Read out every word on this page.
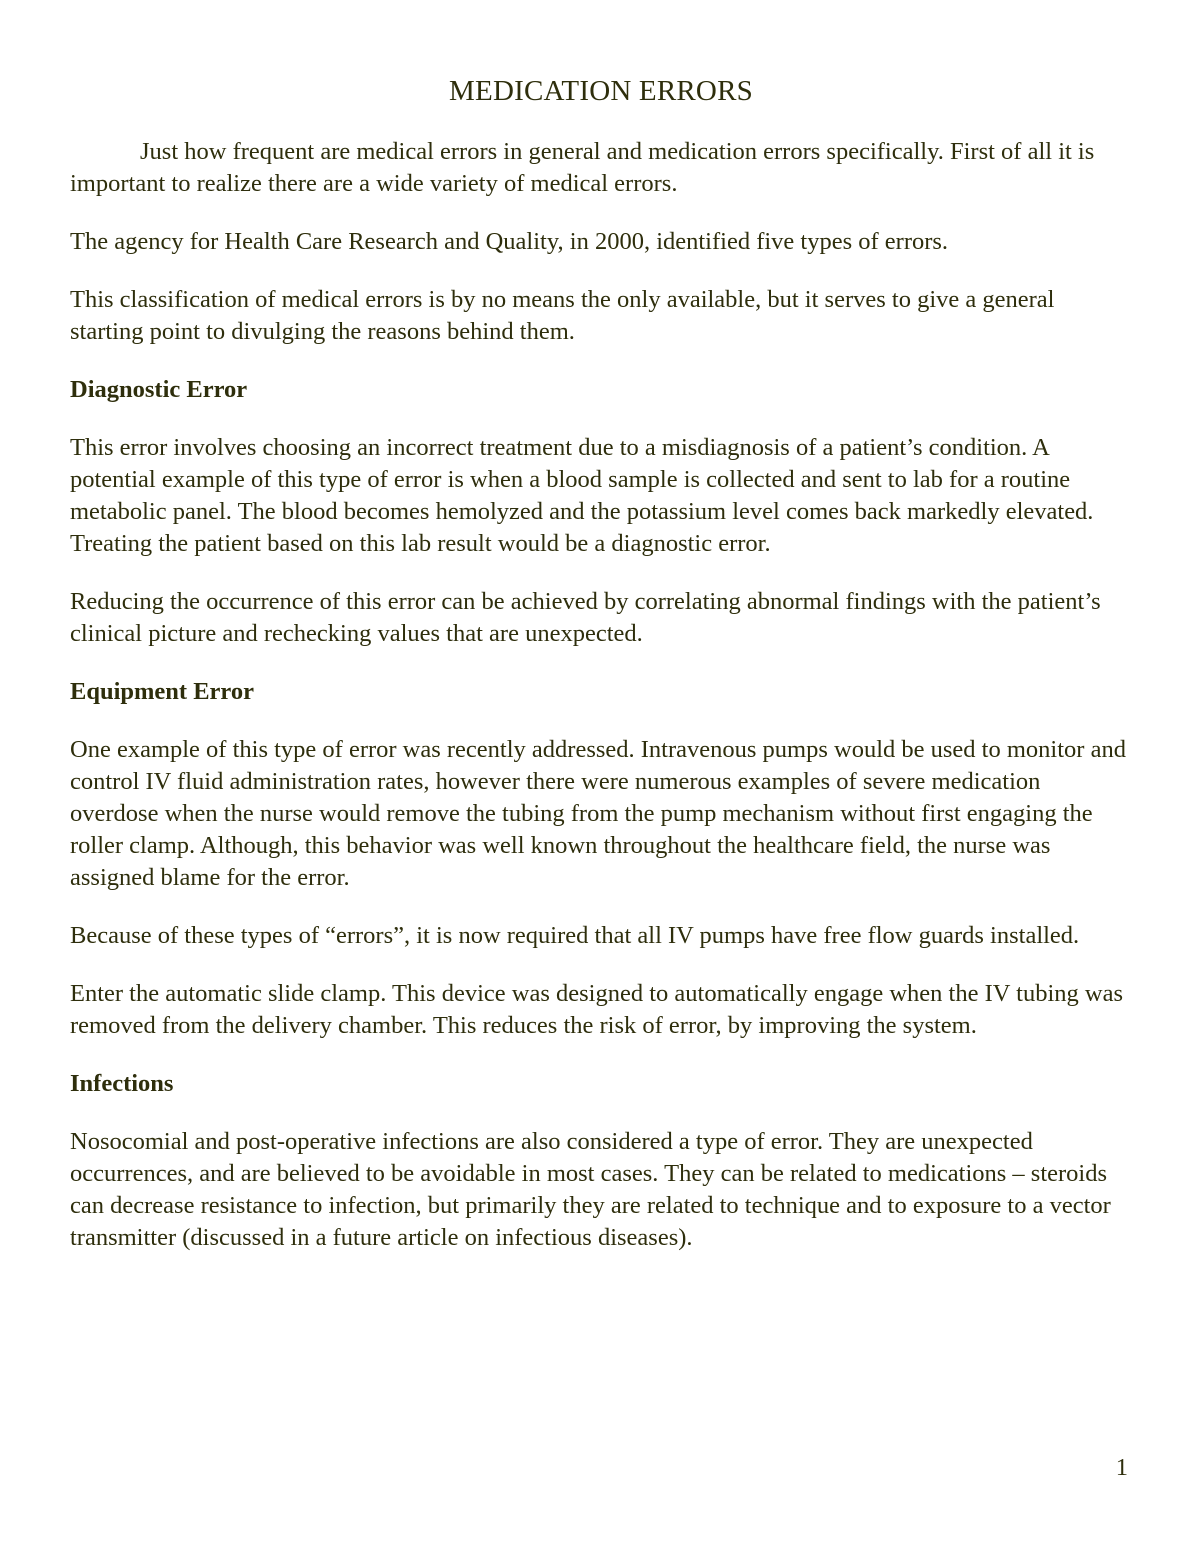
MEDICATION ERRORS

Just how frequent are medical errors in general and medication errors specifically. First of all it is important to realize there are a wide variety of medical errors.

The agency for Health Care Research and Quality, in 2000, identified five types of errors.

This classification of medical errors is by no means the only available, but it serves to give a general starting point to divulging the reasons behind them.

Diagnostic Error

This error involves choosing an incorrect treatment due to a misdiagnosis of a patient’s condition. A potential example of this type of error is when a blood sample is collected and sent to lab for a routine metabolic panel. The blood becomes hemolyzed and the potassium level comes back markedly elevated. Treating the patient based on this lab result would be a diagnostic error.

Reducing the occurrence of this error can be achieved by correlating abnormal findings with the patient’s clinical picture and rechecking values that are unexpected.

Equipment Error

One example of this type of error was recently addressed. Intravenous pumps would be used to monitor and control IV fluid administration rates, however there were numerous examples of severe medication overdose when the nurse would remove the tubing from the pump mechanism without first engaging the roller clamp. Although, this behavior was well known throughout the healthcare field, the nurse was assigned blame for the error.

Because of these types of “errors”, it is now required that all IV pumps have free flow guards installed.

Enter the automatic slide clamp. This device was designed to automatically engage when the IV tubing was removed from the delivery chamber. This reduces the risk of error, by improving the system.

Infections

Nosocomial and post-operative infections are also considered a type of error. They are unexpected occurrences, and are believed to be avoidable in most cases. They can be related to medications – steroids can decrease resistance to infection, but primarily they are related to technique and to exposure to a vector transmitter (discussed in a future article on infectious diseases).

1
